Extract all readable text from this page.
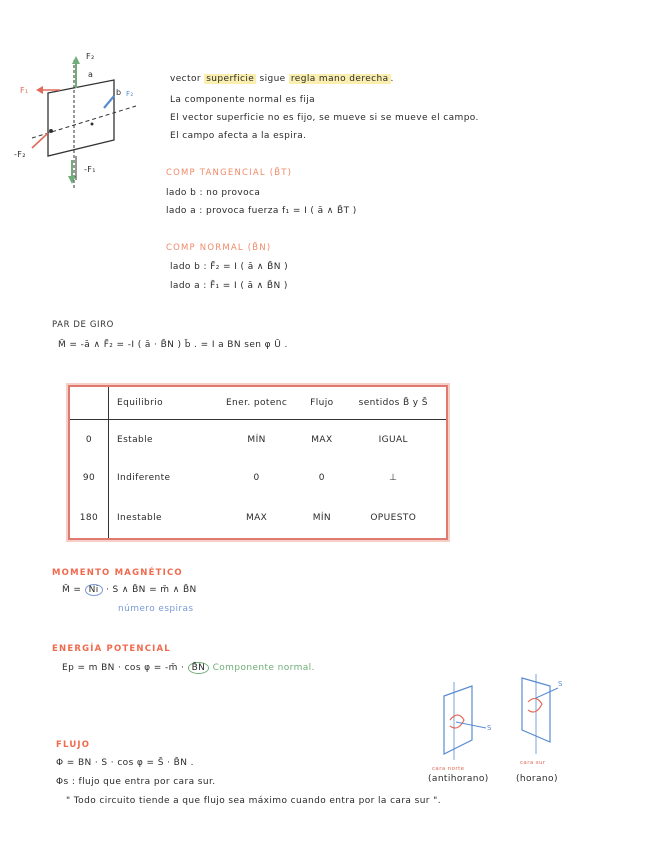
F₂
F₁
a
b F₂
-F₂
-F₁
vector superficie sigue regla mano derecha .
La componente normal es fija
El vector superficie no es fijo, se mueve si se mueve el campo.
El campo afecta a la espira.
COMP TANGENCIAL (B̄T)
lado b : no provoca
lado a : provoca fuerza f₁ = I ( ā ∧ B̄T )
COMP NORMAL (B̄N)
lado b : F̄₂ = I ( ā ∧ B̄N )
lado a : F̄₁ = I ( ā ∧ B̄N )
PAR DE GIRO
M̄ = -ā ∧ F̄₂ = -I ( ā · B̄N ) b̄ . = I a BN sen φ Ū .
	Equilibrio	Ener. potenc	Flujo	sentidos B̄ y S̄
0	Estable	MÍN	MAX	IGUAL
90	Indiferente	0	0	⊥
180	Inestable	MAX	MÍN	OPUESTO
MOMENTO MAGNÉTICO
M̄ = Ni · S ∧ B̄N = m̄ ∧ B̄N
número espiras
ENERGÍA POTENCIAL
Ep = m BN · cos φ = -m̄ · B̄N Componente normal.
FLUJO
Φ = BN · S · cos φ = S̄ · B̄N .
Φs : flujo que entra por cara sur.
" Todo circuito tiende a que flujo sea máximo cuando entra por la cara sur ".
S
S
cara norte
(antihorano)
cara sur
(horano)
